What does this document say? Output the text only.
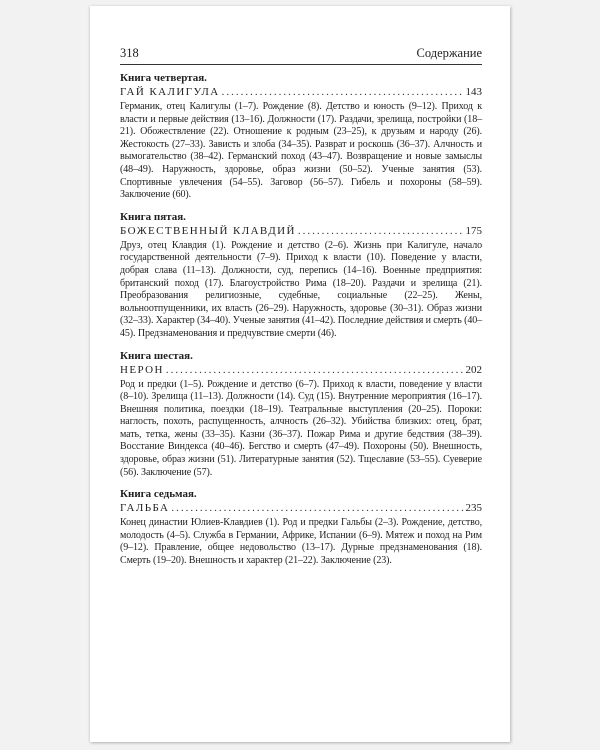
318	Содержание
Книга четвертая.
ГАЙ КАЛИГУЛА .....	143

Германик, отец Калигулы (1–7). Рождение (8). Детство и юность (9–12). Приход к власти и первые действия (13–16). Должности (17). Раздачи, зрелища, постройки (18–21). Обожествление (22). Отношение к родным (23–25), к друзьям и народу (26). Жестокость (27–33). Зависть и злоба (34–35). Разврат и роскошь (36–37). Алчность и вымогательство (38–42). Германский поход (43–47). Возвращение и новые замыслы (48–49). Наружность, здоровье, образ жизни (50–52). Ученые занятия (53). Спортивные увлечения (54–55). Заговор (56–57). Гибель и похороны (58–59). Заключение (60).

Книга пятая.
БОЖЕСТВЕННЫЙ КЛАВДИЙ .....	175

Друз, отец Клавдия (1). Рождение и детство (2–6). Жизнь при Калигуле, начало государственной деятельности (7–9). Приход к власти (10). Поведение у власти, добрая слава (11–13). Должности, суд, перепись (14–16). Военные предприятия: британский поход (17). Благоустройство Рима (18–20). Раздачи и зрелища (21). Преобразования религиозные, судебные, социальные (22–25). Жены, вольноотпущенники, их власть (26–29). Наружность, здоровье (30–31). Образ жизни (32–33). Характер (34–40). Ученые занятия (41–42). Последние действия и смерть (40–45). Предзнаменования и предчувствие смерти (46).

Книга шестая.
НЕРОН .....	202

Род и предки (1–5). Рождение и детство (6–7). Приход к власти, поведение у власти (8–10). Зрелища (11–13). Должности (14). Суд (15). Внутренние мероприятия (16–17). Внешняя политика, поездки (18–19). Театральные выступления (20–25). Пороки: наглость, похоть, распущенность, алчность (26–32). Убийства близких: отец, брат, мать, тетка, жены (33–35). Казни (36–37). Пожар Рима и другие бедствия (38–39). Восстание Виндекса (40–46). Бегство и смерть (47–49). Похороны (50). Внешность, здоровье, образ жизни (51). Литературные занятия (52). Тщеславие (53–55). Суеверие (56). Заключение (57).

Книга седьмая.
ГАЛЬБА .....	235

Конец династии Юлиев-Клавдиев (1). Род и предки Гальбы (2–3). Рождение, детство, молодость (4–5). Служба в Германии, Африке, Испании (6–9). Мятеж и поход на Рим (9–12). Правление, общее недовольство (13–17). Дурные предзнаменования (18). Смерть (19–20). Внешность и характер (21–22). Заключение (23).
